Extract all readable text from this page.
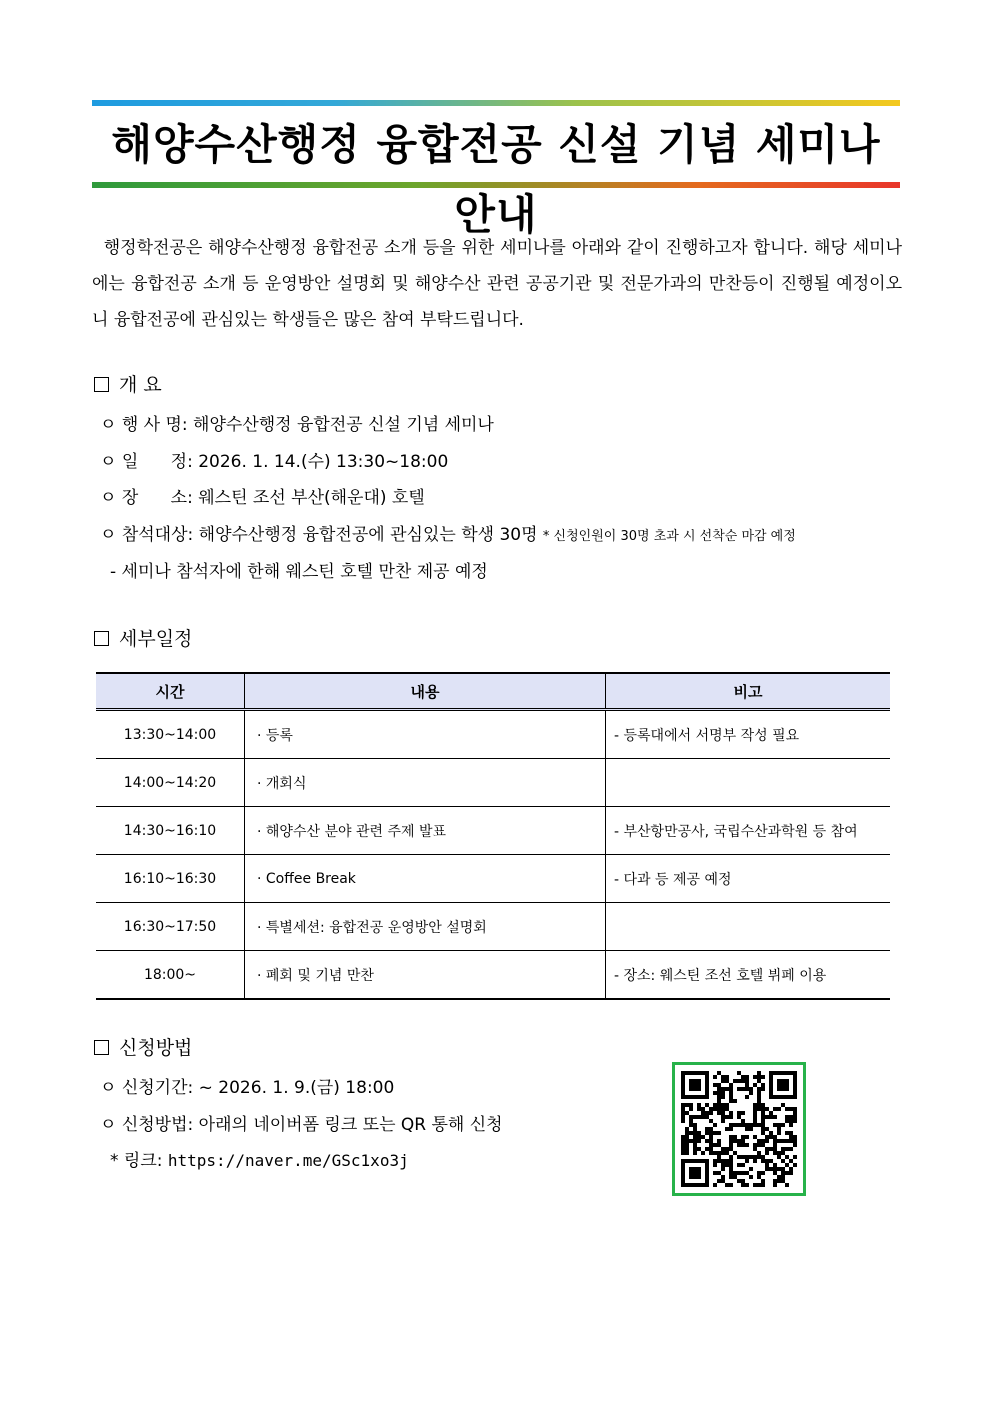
해양수산행정 융합전공 신설 기념 세미나 안내
행정학전공은 해양수산행정 융합전공 소개 등을 위한 세미나를 아래와 같이 진행하고자 합니다. 해당 세미나에는 융합전공 소개 등 운영방안 설명회 및 해양수산 관련 공공기관 및 전문가과의 만찬등이 진행될 예정이오니 융합전공에 관심있는 학생들은 많은 참여 부탁드립니다.
개 요
ㅇ 행 사 명: 해양수산행정 융합전공 신설 기념 세미나
ㅇ 일      정: 2026. 1. 14.(수) 13:30~18:00
ㅇ 장      소: 웨스틴 조선 부산(해운대) 호텔
ㅇ 참석대상: 해양수산행정 융합전공에 관심있는 학생 30명 * 신청인원이 30명 초과 시 선착순 마감 예정
- 세미나 참석자에 한해 웨스틴 호텔 만찬 제공 예정
세부일정
시간	내용	비고
13:30~14:00	· 등록	- 등록대에서 서명부 작성 필요
14:00~14:20	· 개회식	
14:30~16:10	· 해양수산 분야 관련 주제 발표	- 부산항만공사, 국립수산과학원 등 참여
16:10~16:30	· Coffee Break	- 다과 등 제공 예정
16:30~17:50	· 특별세션: 융합전공 운영방안 설명회	
18:00~	· 폐회 및 기념 만찬	- 장소: 웨스틴 조선 호텔 뷔페 이용
신청방법
ㅇ 신청기간: ~ 2026. 1. 9.(금) 18:00
ㅇ 신청방법: 아래의 네이버폼 링크 또는 QR 통해 신청
* 링크: https://naver.me/GSc1xo3j
